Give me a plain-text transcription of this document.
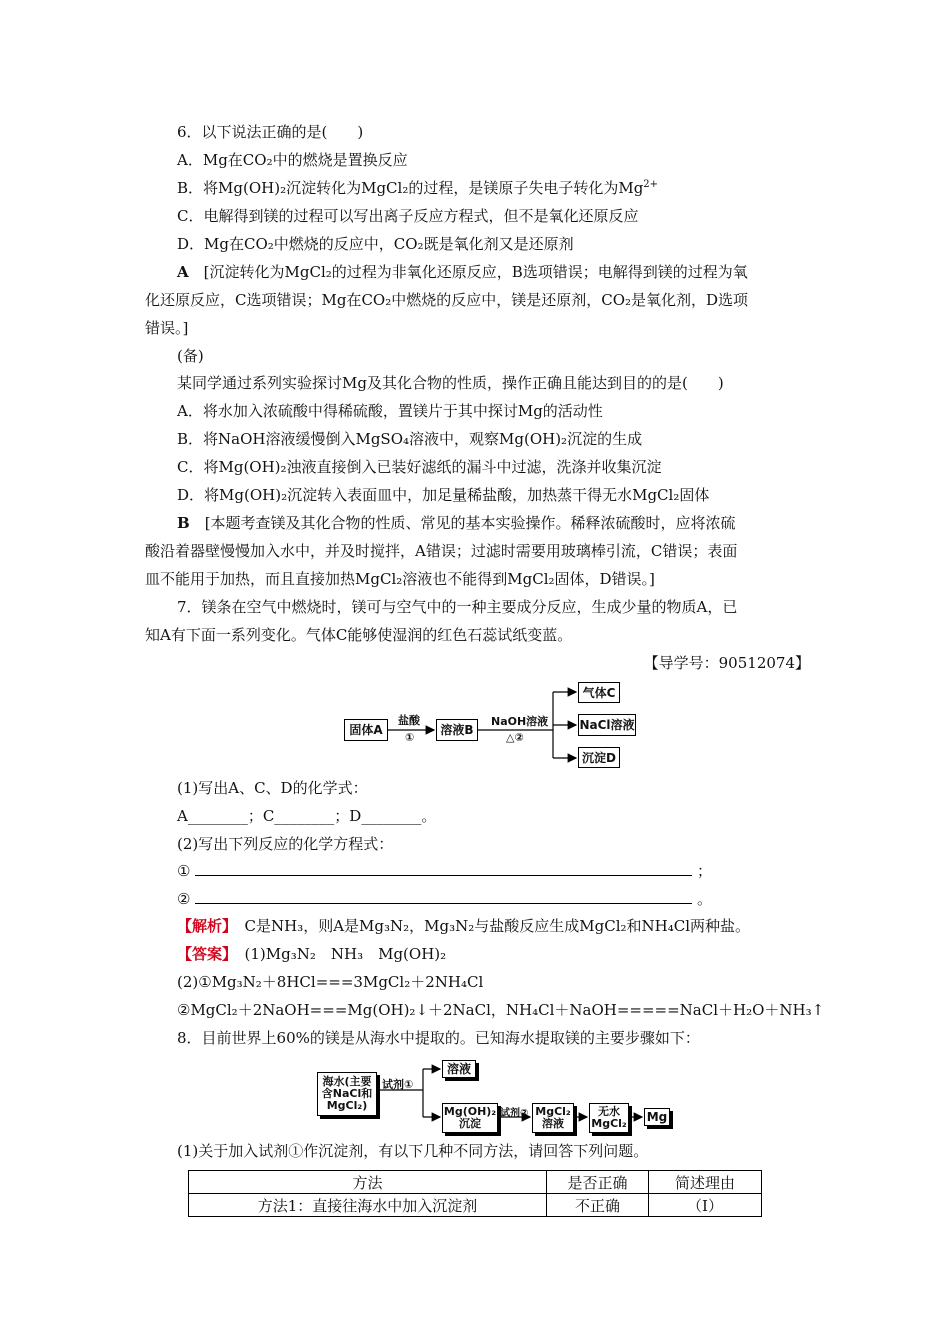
6．以下说法正确的是(　　)
A．Mg在CO₂中的燃烧是置换反应
B．将Mg(OH)₂沉淀转化为MgCl₂的过程，是镁原子失电子转化为$Mg^{2+}$
C．电解得到镁的过程可以写出离子反应方程式，但不是氧化还原反应
D．Mg在CO₂中燃烧的反应中，CO₂既是氧化剂又是还原剂
A　 [沉淀转化为MgCl₂的过程为非氧化还原反应，B选项错误；电解得到镁的过程为氧
化还原反应，C选项错误；Mg在CO₂中燃烧的反应中，镁是还原剂，CO₂是氧化剂，D选项
错误。]
(备)
某同学通过系列实验探讨Mg及其化合物的性质，操作正确且能达到目的的是(　　)
A．将水加入浓硫酸中得稀硫酸，置镁片于其中探讨Mg的活动性
B．将NaOH溶液缓慢倒入MgSO₄溶液中，观察Mg(OH)₂沉淀的生成
C．将Mg(OH)₂浊液直接倒入已装好滤纸的漏斗中过滤，洗涤并收集沉淀
D．将Mg(OH)₂沉淀转入表面皿中，加足量稀盐酸，加热蒸干得无水MgCl₂固体
B　 [本题考查镁及其化合物的性质、常见的基本实验操作。稀释浓硫酸时，应将浓硫
酸沿着器壁慢慢加入水中，并及时搅拌，A错误；过滤时需要用玻璃棒引流，C错误；表面
皿不能用于加热，而且直接加热MgCl₂溶液也不能得到MgCl₂固体，D错误。]
7．镁条在空气中燃烧时，镁可与空气中的一种主要成分反应，生成少量的物质A，已
知A有下面一系列变化。气体C能够使湿润的红色石蕊试纸变蓝。
【导学号：90512074】
固体A
盐酸
①
溶液B
NaOH溶液
△②
气体C
NaCl溶液
沉淀D
(1)写出A、C、D的化学式：
A________；C________；D________。
(2)写出下列反应的化学方程式：
①	；
②	。
【解析】　C是NH₃，则A是Mg₃N₂，Mg₃N₂与盐酸反应生成MgCl₂和NH₄Cl两种盐。
【答案】　(1)Mg₃N₂　NH₃　Mg(OH)₂
(2)①Mg₃N₂＋8HCl===3MgCl₂＋2NH₄Cl
②MgCl₂＋2NaOH===Mg(OH)₂↓＋2NaCl，NH₄Cl＋NaOH=====NaCl＋H₂O＋NH₃↑
8．目前世界上60%的镁是从海水中提取的。已知海水提取镁的主要步骤如下：
海水(主要含NaCl和MgCl₂)
试剂①
溶液
Mg(OH)₂沉淀
试剂② MgCl₂溶液
无水MgCl₂ Mg
(1)关于加入试剂①作沉淀剂，有以下几种不同方法，请回答下列问题。
方法	是否正确	简述理由
方法1：直接往海水中加入沉淀剂	不正确	（Ⅰ）
